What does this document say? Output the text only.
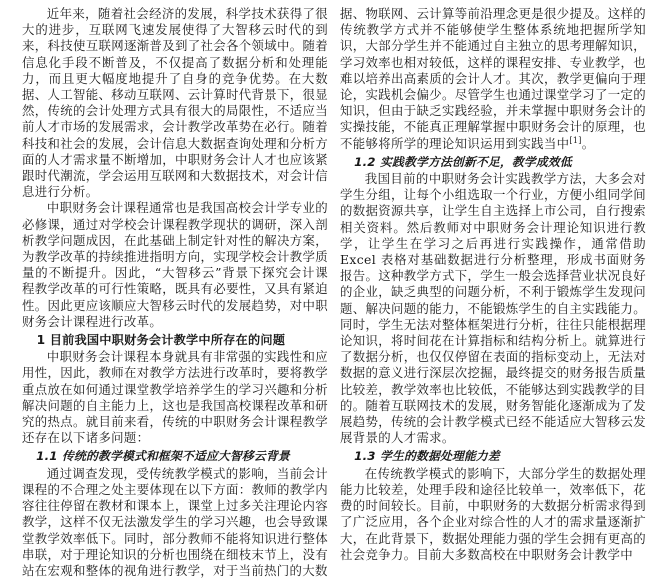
近年来，随着社会经济的发展，科学技术获得了很大的进步，互联网飞速发展使得了大智移云时代的到来，科技使互联网逐渐普及到了社会各个领域中。随着信息化手段不断普及，不仅提高了数据分析和处理能力，而且更大幅度地提升了自身的竞争优势。在大数据、人工智能、移动互联网、云计算时代背景下，很显然，传统的会计处理方式具有很大的局限性，不适应当前人才市场的发展需求，会计教学改革势在必行。随着科技和社会的发展，会计信息大数据查询处理和分析方面的人才需求量不断增加，中职财务会计人才也应该紧跟时代潮流，学会运用互联网和大数据技术，对会计信息进行分析。

中职财务会计课程通常也是我国高校会计学专业的必修课，通过对学校会计课程教学现状的调研，深入剖析教学问题成因，在此基础上制定针对性的解决方案，为教学改革的持续推进指明方向，实现学校会计教学质量的不断提升。因此，“大智移云”背景下探究会计课程教学改革的可行性策略，既具有必要性，又具有紧迫性。因此更应该顺应大智移云时代的发展趋势，对中职财务会计课程进行改革。

1 目前我国中职财务会计教学中所存在的问题

中职财务会计课程本身就具有非常强的实践性和应用性，因此，教师在对教学方法进行改革时，要将教学重点放在如何通过课堂教学培养学生的学习兴趣和分析解决问题的自主能力上，这也是我国高校课程改革和研究的热点。就目前来看，传统的中职财务会计课程教学还存在以下诸多问题：

1.1 传统的教学模式和框架不适应大智移云背景

通过调查发现，受传统教学模式的影响，当前会计课程的不合理之处主要体现在以下方面：教师的教学内容往往停留在教材和课本上，课堂上过多关注理论内容教学，这样不仅无法激发学生的学习兴趣，也会导致课堂教学效率低下。同时，部分教师不能将知识进行整体串联，对于理论知识的分析也围绕在细枝末节上，没有站在宏观和整体的视角进行教学，对于当前热门的大数

据、物联网、云计算等前沿理念更是很少提及。这样的传统教学方式并不能够使学生整体系统地把握所学知识，大部分学生并不能通过自主独立的思考理解知识，学习效率也相对较低，这样的课程安排、专业教学，也难以培养出高素质的会计人才。其次，教学更偏向于理论，实践机会偏少。尽管学生也通过课堂学习了一定的知识，但由于缺乏实践经验，并未掌握中职财务会计的实操技能，不能真正理解掌握中职财务会计的原理，也不能够将所学的理论知识运用到实践当中[1]。

1.2 实践教学方法创新不足，教学成效低

我国目前的中职财务会计实践教学方法，大多会对学生分组，让每个小组选取一个行业，方便小组同学间的数据资源共享，让学生自主选择上市公司，自行搜索相关资料。然后教师对中职财务会计理论知识进行教学，让学生在学习之后再进行实践操作，通常借助 Excel 表格对基础数据进行分析整理，形成书面财务报告。这种教学方式下，学生一般会选择营业状况良好的企业，缺乏典型的问题分析，不利于锻炼学生发现问题、解决问题的能力，不能锻炼学生的自主实践能力。同时，学生无法对整体框架进行分析，往往只能根据理论知识，将时间花在计算指标和结构分析上。就算进行了数据分析，也仅仅停留在表面的指标变动上，无法对数据的意义进行深层次挖掘，最终提交的财务报告质量比较差，教学效率也比较低，不能够达到实践教学的目的。随着互联网技术的发展，财务智能化逐渐成为了发展趋势，传统的会计教学模式已经不能适应大智移云发展背景的人才需求。

1.3 学生的数据处理能力差

在传统教学模式的影响下，大部分学生的数据处理能力比较差，处理手段和途径比较单一，效率低下，花费的时间较长。目前，中职财务的大数据分析需求得到了广泛应用，各个企业对综合性的人才的需求量逐渐扩大，在此背景下，数据处理能力强的学生会拥有更高的社会竞争力。目前大多数高校在中职财务会计教学中
